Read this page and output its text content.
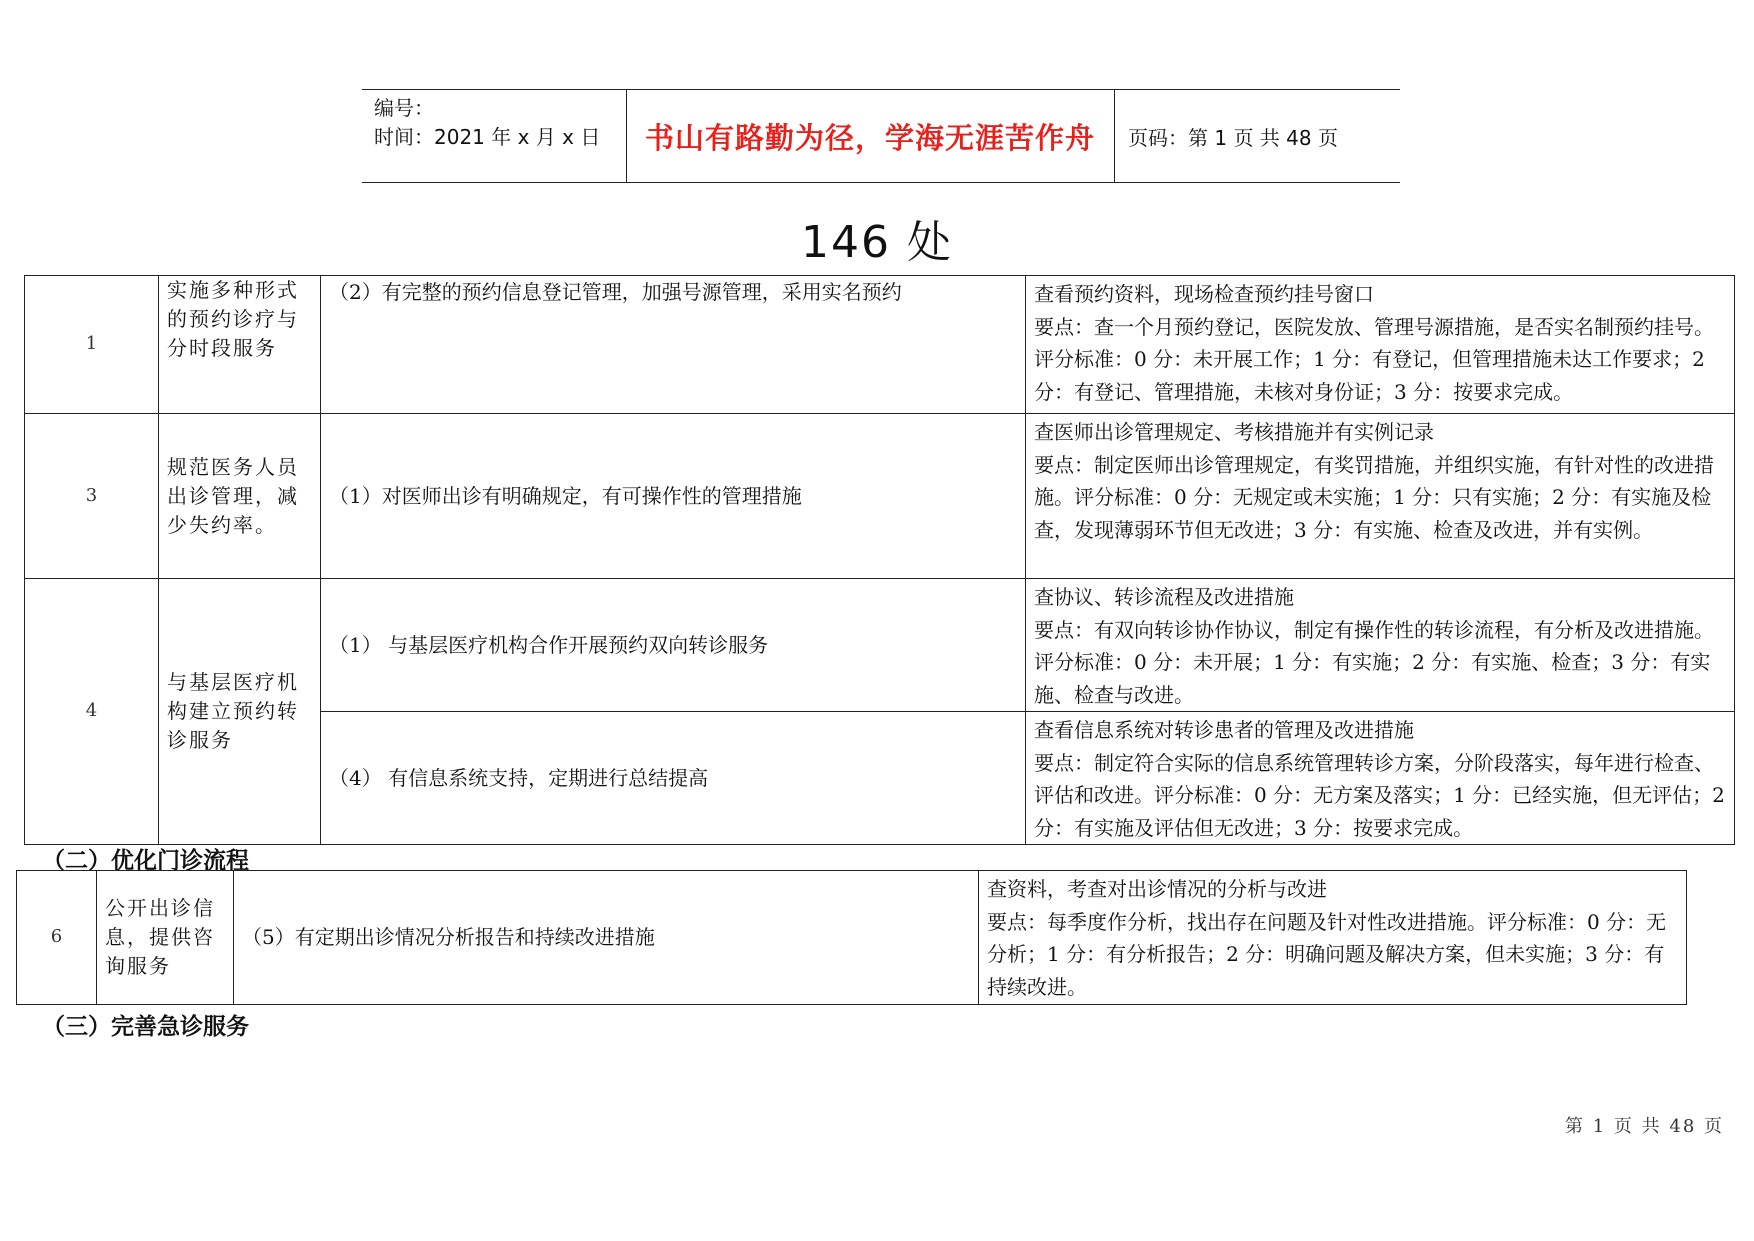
编号：
时间：2021 年 x 月 x 日	书山有路勤为径，学海无涯苦作舟	页码：第 1 页 共 48 页
146 处
1	实施多种形式的预约诊疗与分时段服务	（2）有完整的预约信息登记管理，加强号源管理，采用实名预约	查看预约资料，现场检查预约挂号窗口
要点：查一个月预约登记，医院发放、管理号源措施，是否实名制预约挂号。评分标准：0 分：未开展工作；1 分：有登记，但管理措施未达工作要求；2 分：有登记、管理措施，未核对身份证；3 分：按要求完成。

3	规范医务人员出诊管理，减少失约率。	（1）对医师出诊有明确规定，有可操作性的管理措施	查医师出诊管理规定、考核措施并有实例记录
要点：制定医师出诊管理规定，有奖罚措施，并组织实施，有针对性的改进措施。评分标准：0 分：无规定或未实施；1 分：只有实施；2 分：有实施及检查，发现薄弱环节但无改进；3 分：有实施、检查及改进，并有实例。

4	与基层医疗机构建立预约转诊服务	（1） 与基层医疗机构合作开展预约双向转诊服务	查协议、转诊流程及改进措施
要点：有双向转诊协作协议，制定有操作性的转诊流程，有分析及改进措施。评分标准：0 分：未开展；1 分：有实施；2 分：有实施、检查；3 分：有实施、检查与改进。

		（4） 有信息系统支持，定期进行总结提高	查看信息系统对转诊患者的管理及改进措施
要点：制定符合实际的信息系统管理转诊方案，分阶段落实，每年进行检查、评估和改进。评分标准：0 分：无方案及落实；1 分：已经实施，但无评估；2 分：有实施及评估但无改进；3 分：按要求完成。
（二）优化门诊流程
6	公开出诊信息，提供咨询服务	（5）有定期出诊情况分析报告和持续改进措施	
查资料，考查对出诊情况的分析与改进
要点：每季度作分析，找出存在问题及针对性改进措施。评分标准：0 分：无分析；1 分：有分析报告；2 分：明确问题及解决方案，但未实施；3 分：有持续改进。
（三）完善急诊服务
第 1 页 共 48 页
